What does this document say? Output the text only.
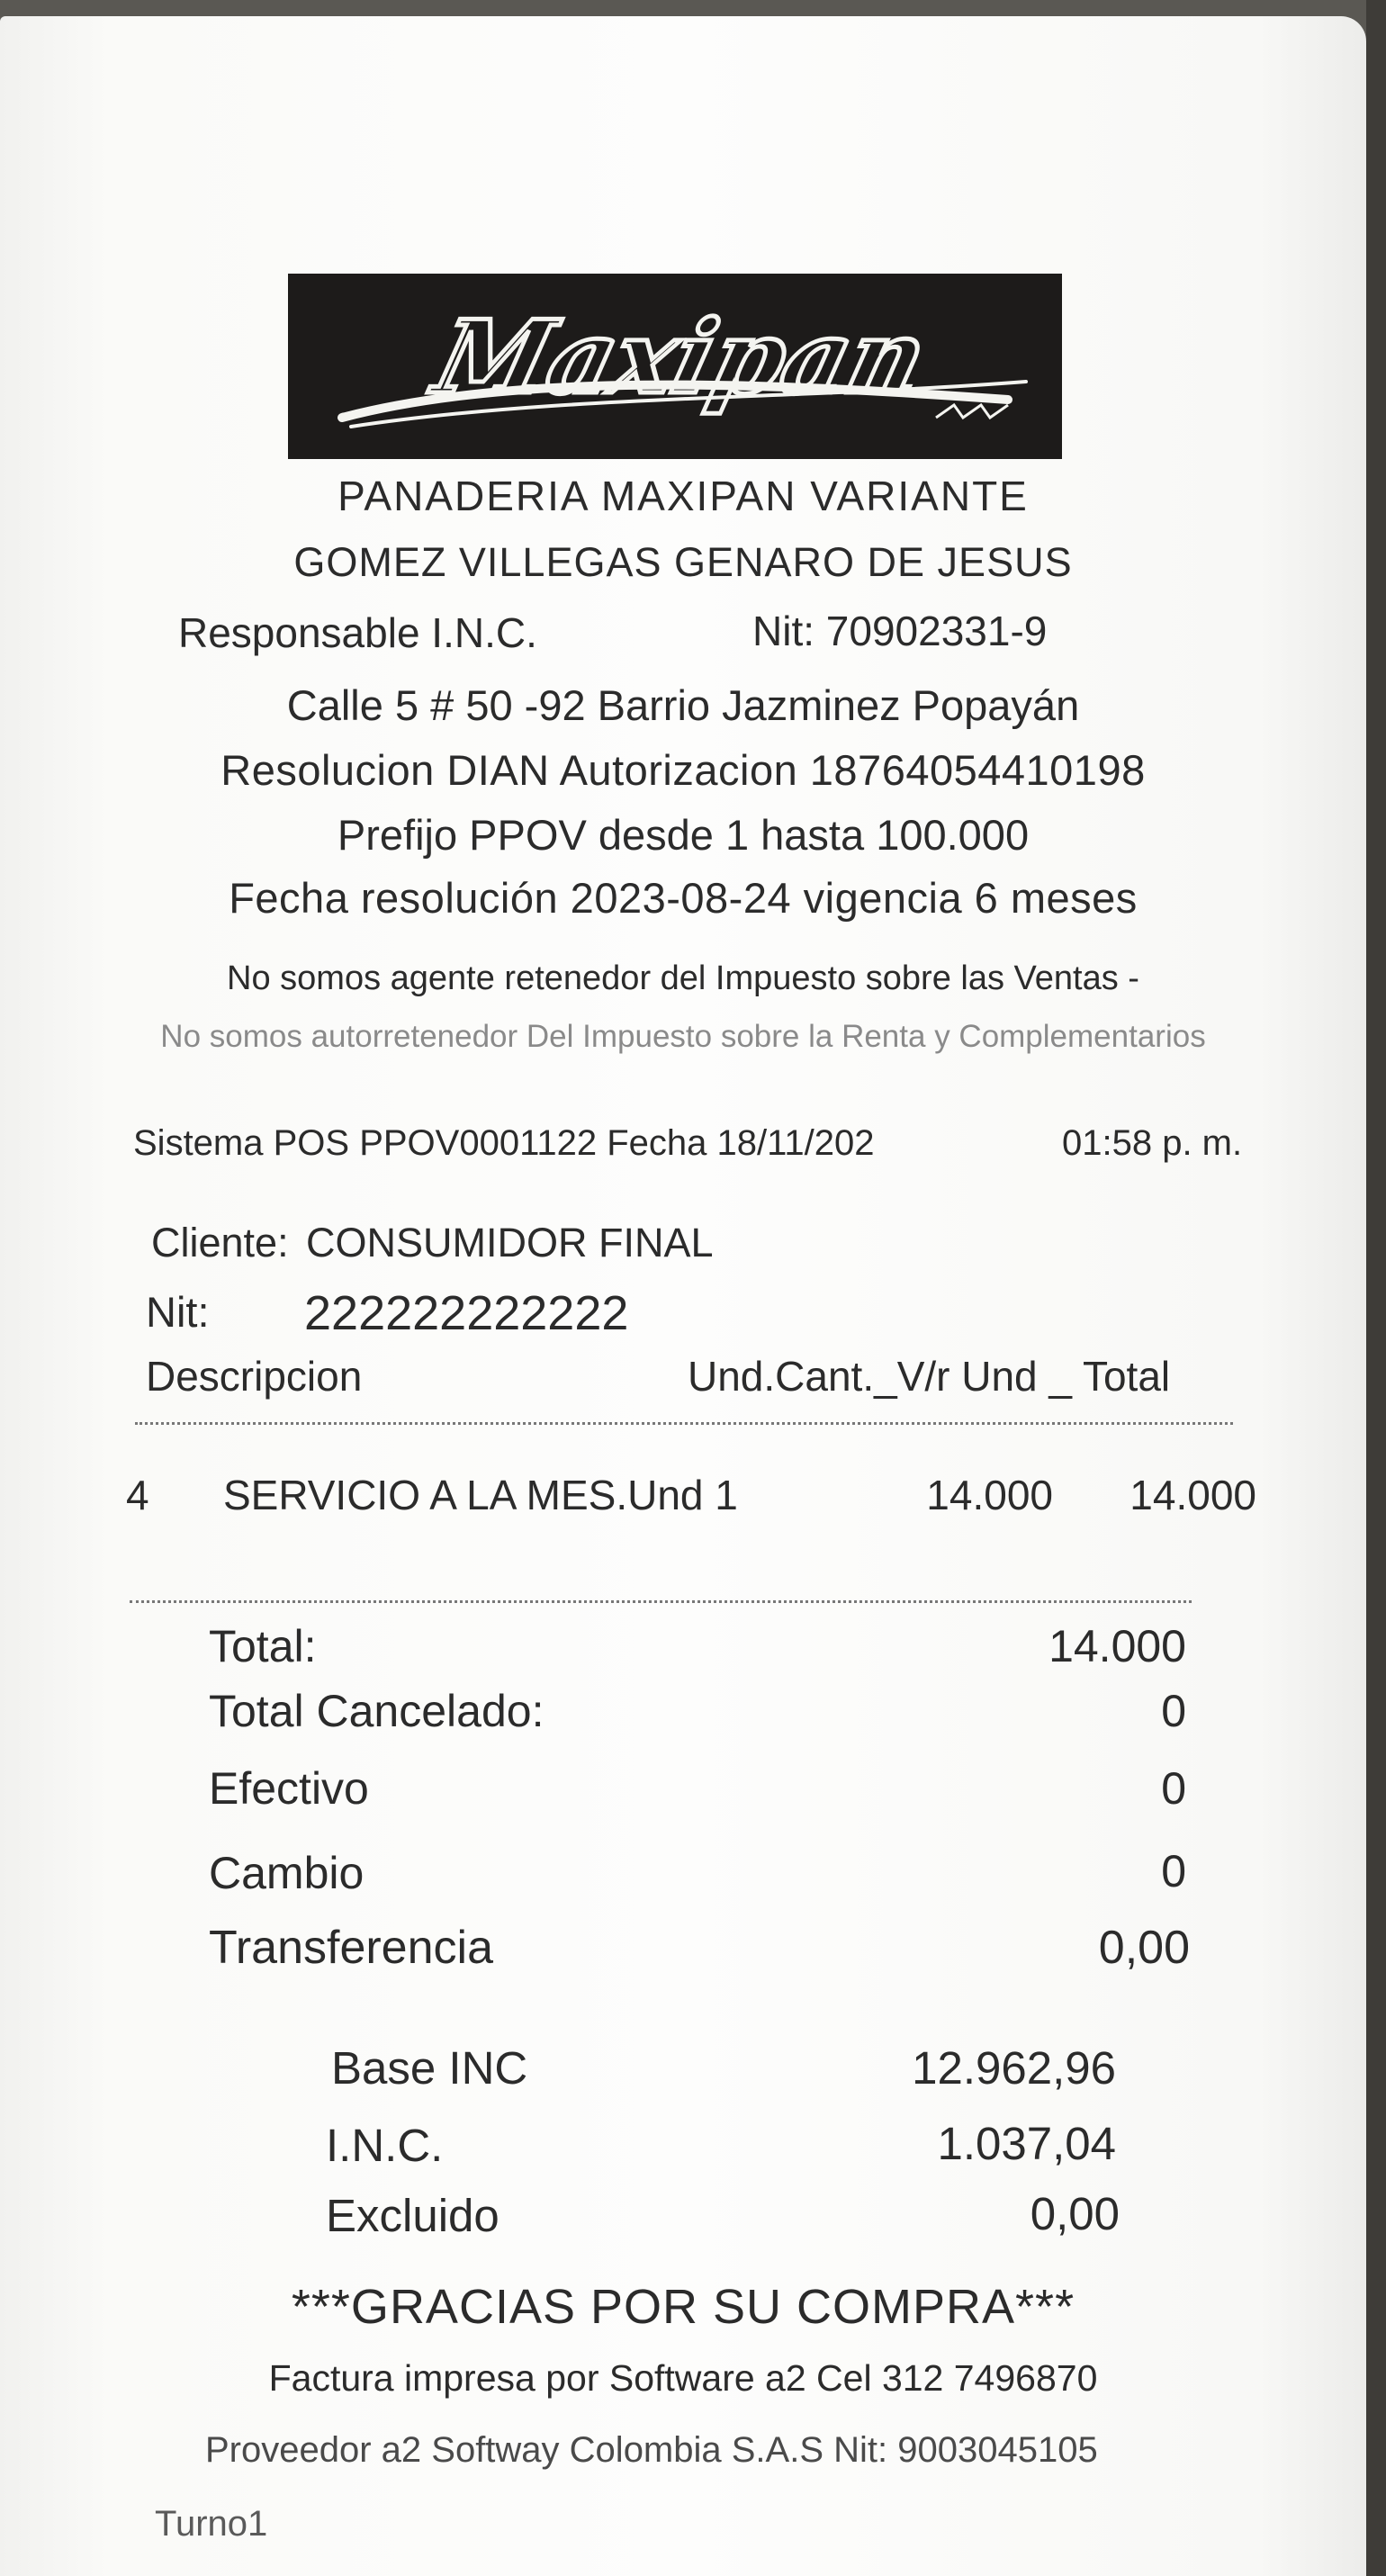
Maxipan
PANADERIA MAXIPAN VARIANTE
GOMEZ VILLEGAS GENARO DE JESUS
Responsable I.N.C.	Nit: 70902331-9
Calle 5 # 50 -92 Barrio Jazminez Popayán
Resolucion DIAN Autorizacion 18764054410198
Prefijo PPOV desde 1 hasta 100.000
Fecha resolución 2023-08-24 vigencia 6 meses
No somos agente retenedor del Impuesto sobre las Ventas -
No somos autorretenedor Del Impuesto sobre la Renta y Complementarios
Sistema POS PPOV0001122 Fecha 18/11/202	01:58 p. m.
Cliente: CONSUMIDOR FINAL
Nit: 222222222222
Descripcion	Und.Cant._V/r Und _ Total
4 SERVICIO A LA MES.Und 1	14.000	14.000
Total:	14.000
Total Cancelado:	0
Efectivo	0
Cambio	0
Transferencia	0,00
Base INC	12.962,96
I.N.C.	1.037,04
Excluido	0,00
***GRACIAS POR SU COMPRA***
Factura impresa por Software a2 Cel 312 7496870
Proveedor a2 Softway Colombia S.A.S Nit: 9003045105
Turno1
